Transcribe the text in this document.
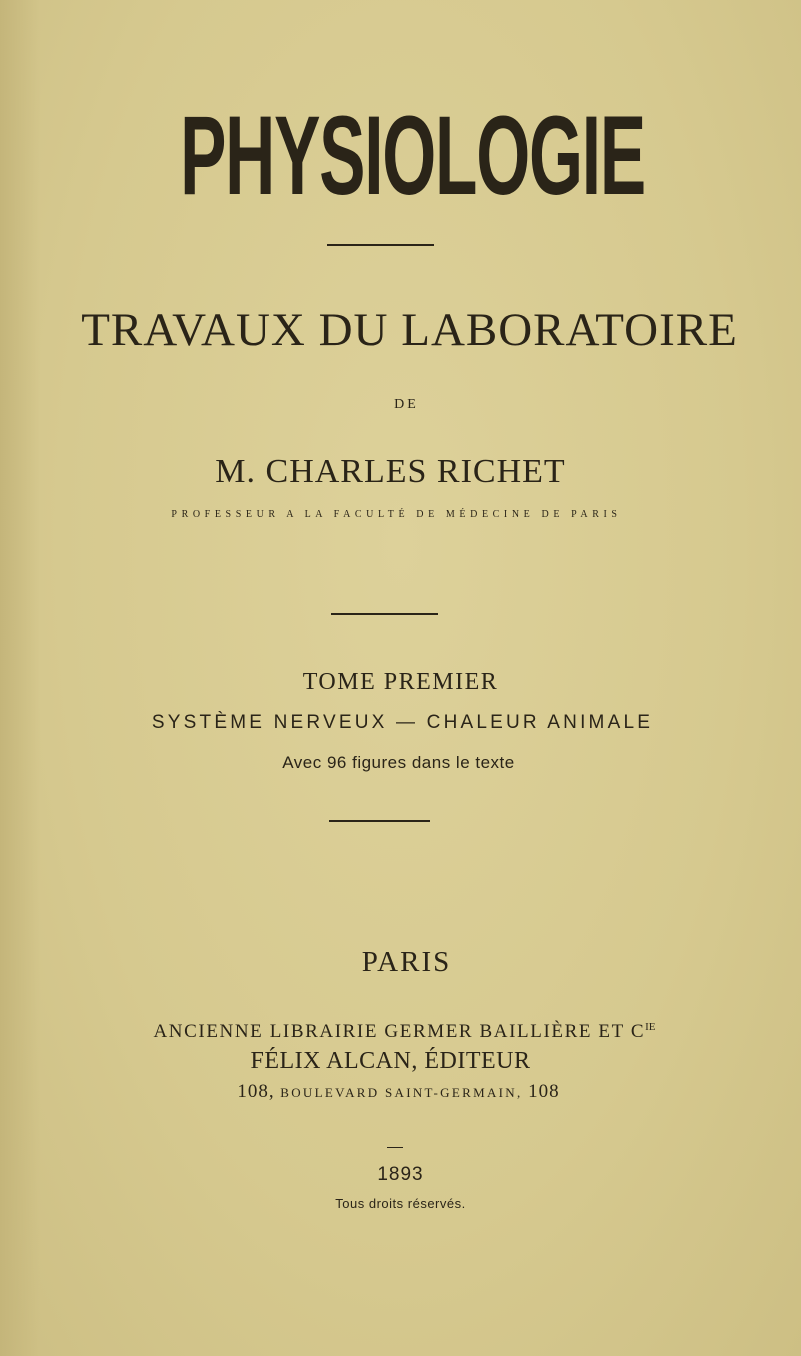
PHYSIOLOGIE
TRAVAUX DU LABORATOIRE
DE
M. CHARLES RICHET
PROFESSEUR A LA FACULTÉ DE MÉDECINE DE PARIS
TOME PREMIER
SYSTÈME NERVEUX — CHALEUR ANIMALE
Avec 96 figures dans le texte
PARIS
ANCIENNE LIBRAIRIE GERMER BAILLIÈRE ET $C^{IE}$
FÉLIX ALCAN, ÉDITEUR
108, BOULEVARD SAINT-GERMAIN, 108
1893
Tous droits réservés.
